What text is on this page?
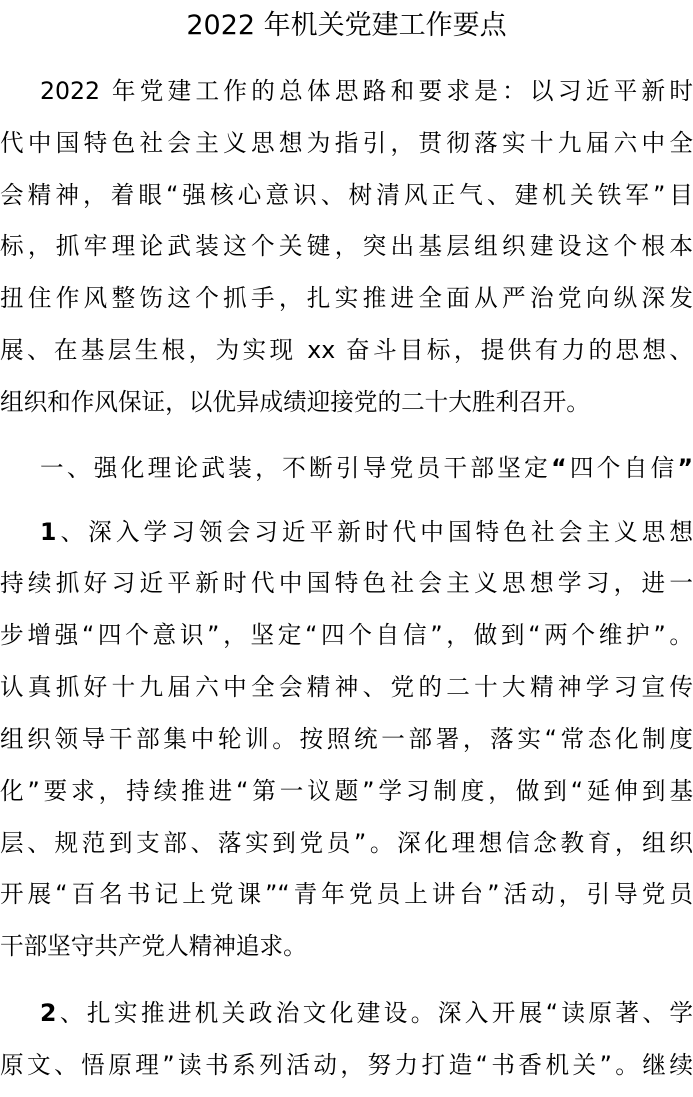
2022 年机关党建工作要点
2022 年党建工作的总体思路和要求是：以习近平新时
代中国特色社会主义思想为指引，贯彻落实十九届六中全
会精神，着眼“强核心意识、树清风正气、建机关铁军”目
标，抓牢理论武装这个关键，突出基层组织建设这个根本
扭住作风整饬这个抓手，扎实推进全面从严治党向纵深发
展、在基层生根，为实现 xx 奋斗目标，提供有力的思想、
组织和作风保证，以优异成绩迎接党的二十大胜利召开。
一、强化理论武装，不断引导党员干部坚定“四个自信”
1、深入学习领会习近平新时代中国特色社会主义思想
持续抓好习近平新时代中国特色社会主义思想学习，进一
步增强“四个意识”，坚定“四个自信”，做到“两个维护”。
认真抓好十九届六中全会精神、党的二十大精神学习宣传
组织领导干部集中轮训。按照统一部署，落实“常态化制度
化”要求，持续推进“第一议题”学习制度，做到“延伸到基
层、规范到支部、落实到党员”。深化理想信念教育，组织
开展“百名书记上党课”“青年党员上讲台”活动，引导党员
干部坚守共产党人精神追求。
2、扎实推进机关政治文化建设。深入开展“读原著、学
原文、悟原理”读书系列活动，努力打造“书香机关”。继续
